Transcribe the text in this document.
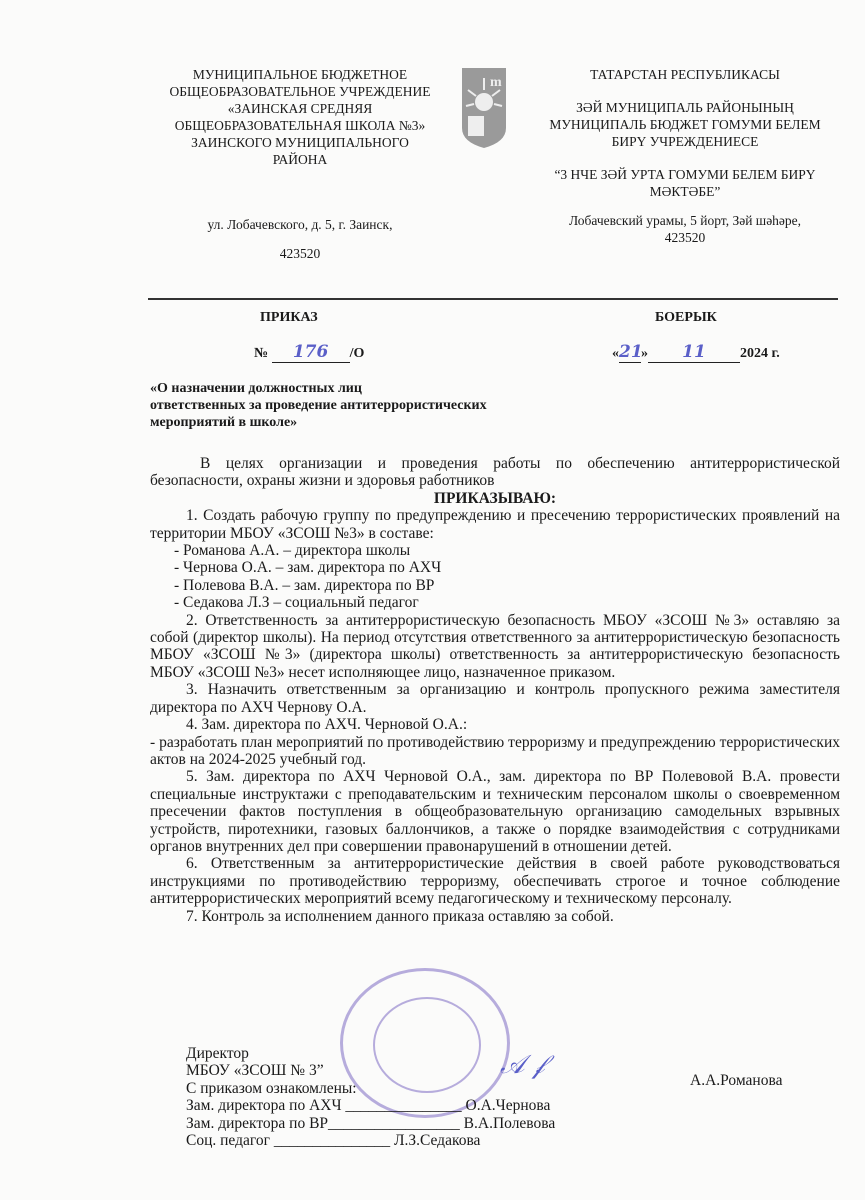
МУНИЦИПАЛЬНОЕ БЮДЖЕТНОЕ
ОБЩЕОБРАЗОВАТЕЛЬНОЕ УЧРЕЖДЕНИЕ
«ЗАИНСКАЯ СРЕДНЯЯ
ОБЩЕОБРАЗОВАТЕЛЬНАЯ ШКОЛА №3»
ЗАИНСКОГО МУНИЦИПАЛЬНОГО
РАЙОНА
ул. Лобачевского, д. 5, г. Заинск,
423520
m
ТАТАРСТАН РЕСПУБЛИКАСЫ
ЗӘЙ МУНИЦИПАЛЬ РАЙОНЫНЫҢ
МУНИЦИПАЛЬ БЮДЖЕТ ГОМУМИ БЕЛЕМ
БИРҮ УЧРЕЖДЕНИЕСЕ
“3 НЧЕ ЗӘЙ УРТА ГОМУМИ БЕЛЕМ БИРҮ
МӘКТӘБЕ”
Лобачевский урамы, 5 йорт, Зәй шәһәре,
423520
ПРИКАЗ	БОЕРЫК
№ 176 /О	«21» 11 2024 г.
«О назначении должностных лиц
ответственных за проведение антитеррористических
мероприятий в школе»

В целях организации и проведения работы по обеспечению антитеррористической безопасности, охраны жизни и здоровья работников

ПРИКАЗЫВАЮ:

1. Создать рабочую группу по предупреждению и пресечению террористических проявлений на территории МБОУ «ЗСОШ №3» в составе:

- Романова А.А. – директора школы

- Чернова О.А. – зам. директора по АХЧ

- Полевова В.А. – зам. директора по ВР

- Седакова Л.З – социальный педагог

2. Ответственность за антитеррористическую безопасность МБОУ «ЗСОШ №3» оставляю за собой (директор школы). На период отсутствия ответственного за антитеррористическую безопасность МБОУ «ЗСОШ №3» (директора школы) ответственность за антитеррористическую безопасность МБОУ «ЗСОШ №3» несет исполняющее лицо, назначенное приказом.

3. Назначить ответственным за организацию и контроль пропускного режима заместителя директора по АХЧ Чернову О.А.

4. Зам. директора по АХЧ. Черновой О.А.:

- разработать план мероприятий по противодействию терроризму и предупреждению террористических актов на 2024-2025 учебный год.

5. Зам. директора по АХЧ Черновой О.А., зам. директора по ВР Полевовой В.А. провести специальные инструктажи с преподавательским и техническим персоналом школы о своевременном пресечении фактов поступления в общеобразовательную организацию самодельных взрывных устройств, пиротехники, газовых баллончиков, а также о порядке взаимодействия с сотрудниками органов внутренних дел при совершении правонарушений в отношении детей.

6. Ответственным за антитеррористические действия в своей работе руководствоваться инструкциями по противодействию терроризму, обеспечивать строгое и точное соблюдение антитеррористических мероприятий всему педагогическому и техническому персоналу.

7. Контроль за исполнением данного приказа оставляю за собой.

Директор
МБОУ «ЗСОШ № 3”
С приказом ознакомлены:
Зам. директора по АХЧ _______________ О.А.Чернова
Зам. директора по ВР_________________ В.А.Полевова
Соц. педагог _______________ Л.З.Седакова
А.А.Романова
𝒜 𝒻
